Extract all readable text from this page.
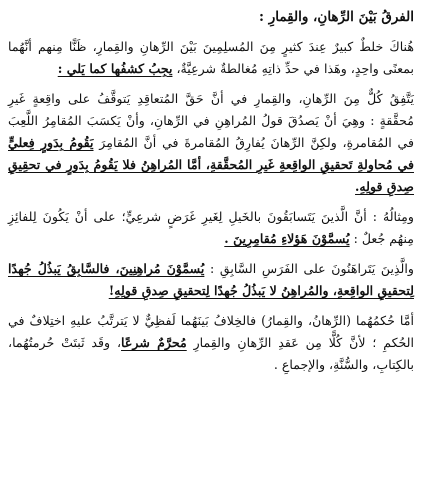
الفرقُ بَيْنَ الرِّهانِ، والقِمارِ :
هُناكَ خلطٌ كبيرٌ عِندَ كثيرٍ مِنَ المُسلِمِينَ بَيْنَ الرِّهانِ والقِمارِ، ظَنًّا مِنهم أنَّهُما بمعنًى واحِدٍ، وهَذا في حدِّ ذاتِهِ مُغالطةٌ شرعِيَّةٌ، يجِبُ كشفُها كما يَلي :
يَتَّفِقُ كُلٌّ مِنَ الرِّهانِ، والقِمارِ في أنَّ حَقَّ المُتعاقِدِ يَتوقَّفُ على واقِعةٍ غَيرِ مُحقَّقةٍ : وهِيَ أنْ يَصدُقَ قولُ المُراهِنِ في الرِّهانِ، وأنْ يَكسَبَ المُقامِرُ اللَّعِبَ في المُقامرةِ، ولكِنَّ الرِّهانَ يُفارِقُ المُقامرةَ في أنَّ المُقامِرَ يَقُومُ بِدَورٍ فِعليٍّ في مُحاولةِ تَحقيقِ الواقِعةِ غَيرِ المُحقَّقةِ، أمَّا المُراهِنُ فلا يَقُومُ بِدَورٍ في تحقِيقِ صِدقِ قولِهِ.
ومِثالُهُ : أنَّ الَّذينَ يَتَسابَقُونَ بالخَيلِ لِغَيرِ غَرَضٍ شرعِيٍّ؛ على أنْ يَكُونَ لِلفائِزِ مِنهُم جُعلٌ : يُسمَّوْنَ هَؤلاءِ مُقامِرِينَ .
والَّذِينَ يَتَراهَنُونَ على الفَرَسِ السَّابِقِ : يُسمَّوْنَ مُراهِنِينَ، فالسَّابِقُ يَبذُلُ جُهدًا لِتحقيقِ الواقِعةِ، والمُراهِنُ لا يَبذُلُ جُهدًا لِتحقيقِ صِدقِ قولِهِ!
أمَّا حُكمُهُما (الرِّهانُ، والقِمارُ) فالخِلافُ بَينَهُما لَفظِيٌّ لا يَترتَّبُ عليهِ اختِلافٌ في الحُكمِ ؛ لأنَّ كُلًّا مِن عَقدِ الرِّهانِ والقِمارِ مُحرَّمٌ شرعًا، وقَد ثَبتَتْ حُرمتُهُما، بالكِتابِ، والسُّنَّةِ، والإجماعِ .
